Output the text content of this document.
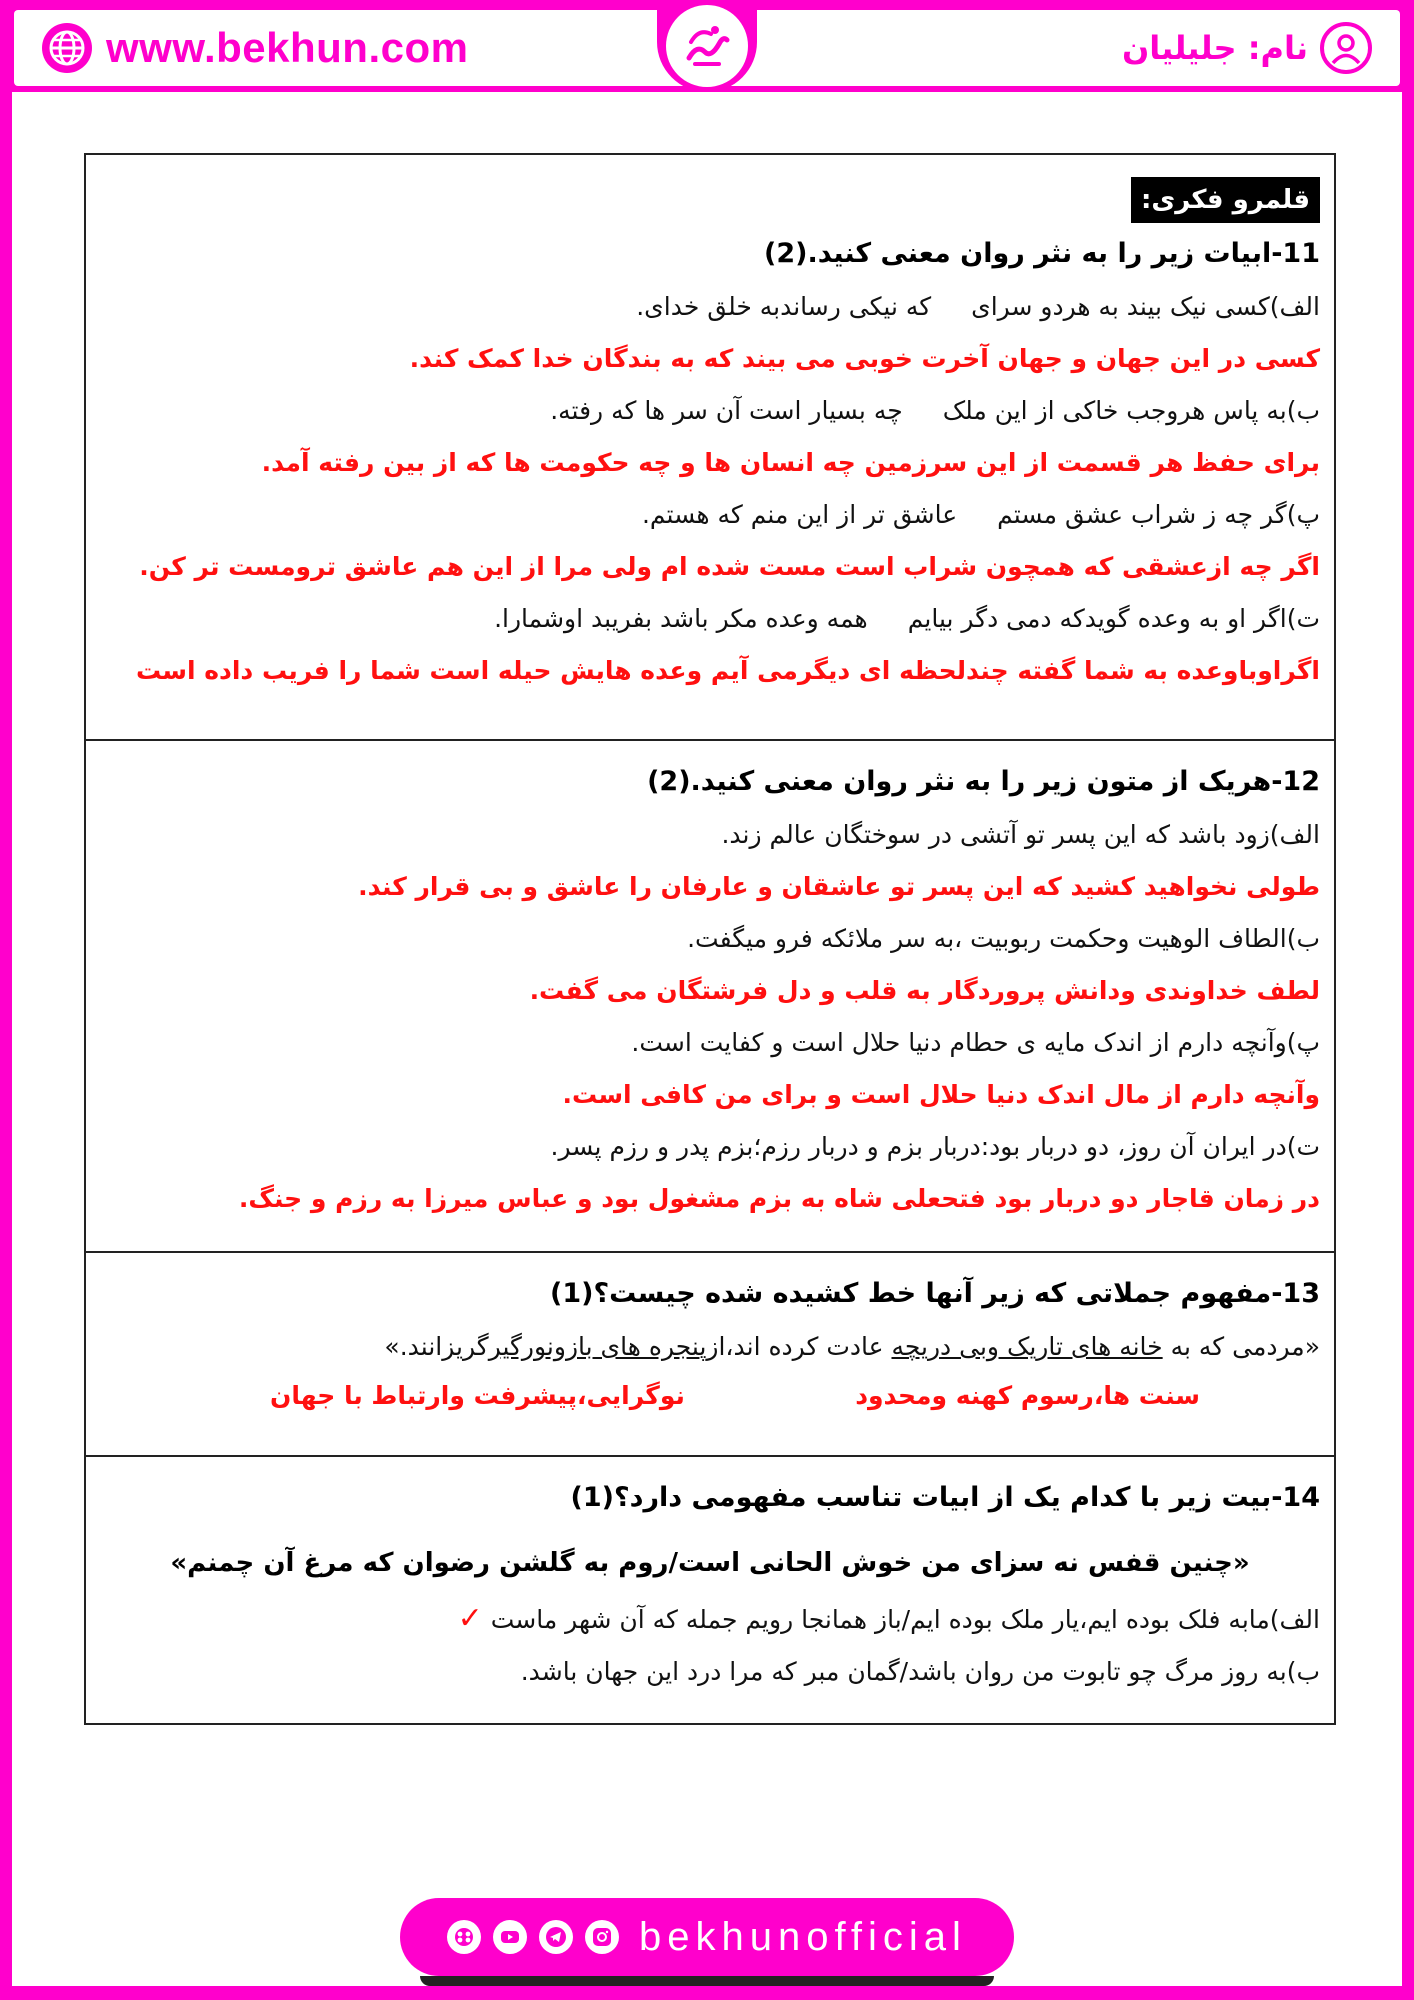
www.bekhun.com	نام: جلیلیان
قلمرو فکری:
11-ابیات زیر را به نثر روان معنی کنید.(2)
الف)کسی نیک بیند به هردو سرایکه نیکی رساندبه خلق خدای.
کسی در این جهان و جهان آخرت خوبی می بیند که به بندگان خدا کمک کند.
ب)به پاس هروجب خاکی از این ملکچه بسیار است آن سر ها که رفته.
برای حفظ هر قسمت از این سرزمین چه انسان ها و چه حکومت ها که از بین رفته آمد.
پ)گر چه ز شراب عشق مستمعاشق تر از این منم که هستم.
اگر چه ازعشقی که همچون شراب است مست شده ام ولی مرا از این هم عاشق ترومست تر کن.
ت)اگر او به وعده گویدکه دمی دگر بیایمهمه وعده مکر باشد بفریبد اوشمارا.
اگراوباوعده به شما گفته چندلحظه ای دیگرمی آیم وعده هایش حیله است شما را فریب داده است
12-هریک از متون زیر را به نثر روان معنی کنید.(2)
الف)زود باشد که این پسر تو آتشی در سوختگان عالم زند.
طولی نخواهید کشید که این پسر تو عاشقان و عارفان را عاشق و بی قرار کند.
ب)الطاف الوهیت وحکمت ربوبیت ،به سر ملائکه فرو میگفت.
لطف خداوندی ودانش پروردگار به قلب و دل فرشتگان می گفت.
پ)وآنچه دارم از اندک مایه ی حطام دنیا حلال است و کفایت است.
وآنچه دارم از مال اندک دنیا حلال است و برای من کافی است.
ت)در ایران آن روز، دو دربار بود:دربار بزم و دربار رزم؛بزم پدر و رزم پسر.
در زمان قاجار دو دربار بود فتحعلی شاه به بزم مشغول بود و عباس میرزا به رزم و جنگ.
13-مفهوم جملاتی که زیر آنها خط کشیده شده چیست؟(1)
«مردمی که به خانه های تاریک وبی دریچه عادت کرده اند،ازپنجره های بازونورگیرگریزانند.»
سنت ها،رسوم کهنه ومحدود
نوگرایی،پیشرفت وارتباط با جهان
14-بیت زیر با کدام یک از ابیات تناسب مفهومی دارد؟(1)
«چنین قفس نه سزای من خوش الحانی است/روم به گلشن رضوان که مرغ آن چمنم»
الف)مابه فلک بوده ایم،یار ملک بوده ایم/باز همانجا رویم جمله که آن شهر ماست ✓
ب)به روز مرگ چو تابوت من روان باشد/گمان مبر که مرا درد این جهان باشد.
bekhunofficial
